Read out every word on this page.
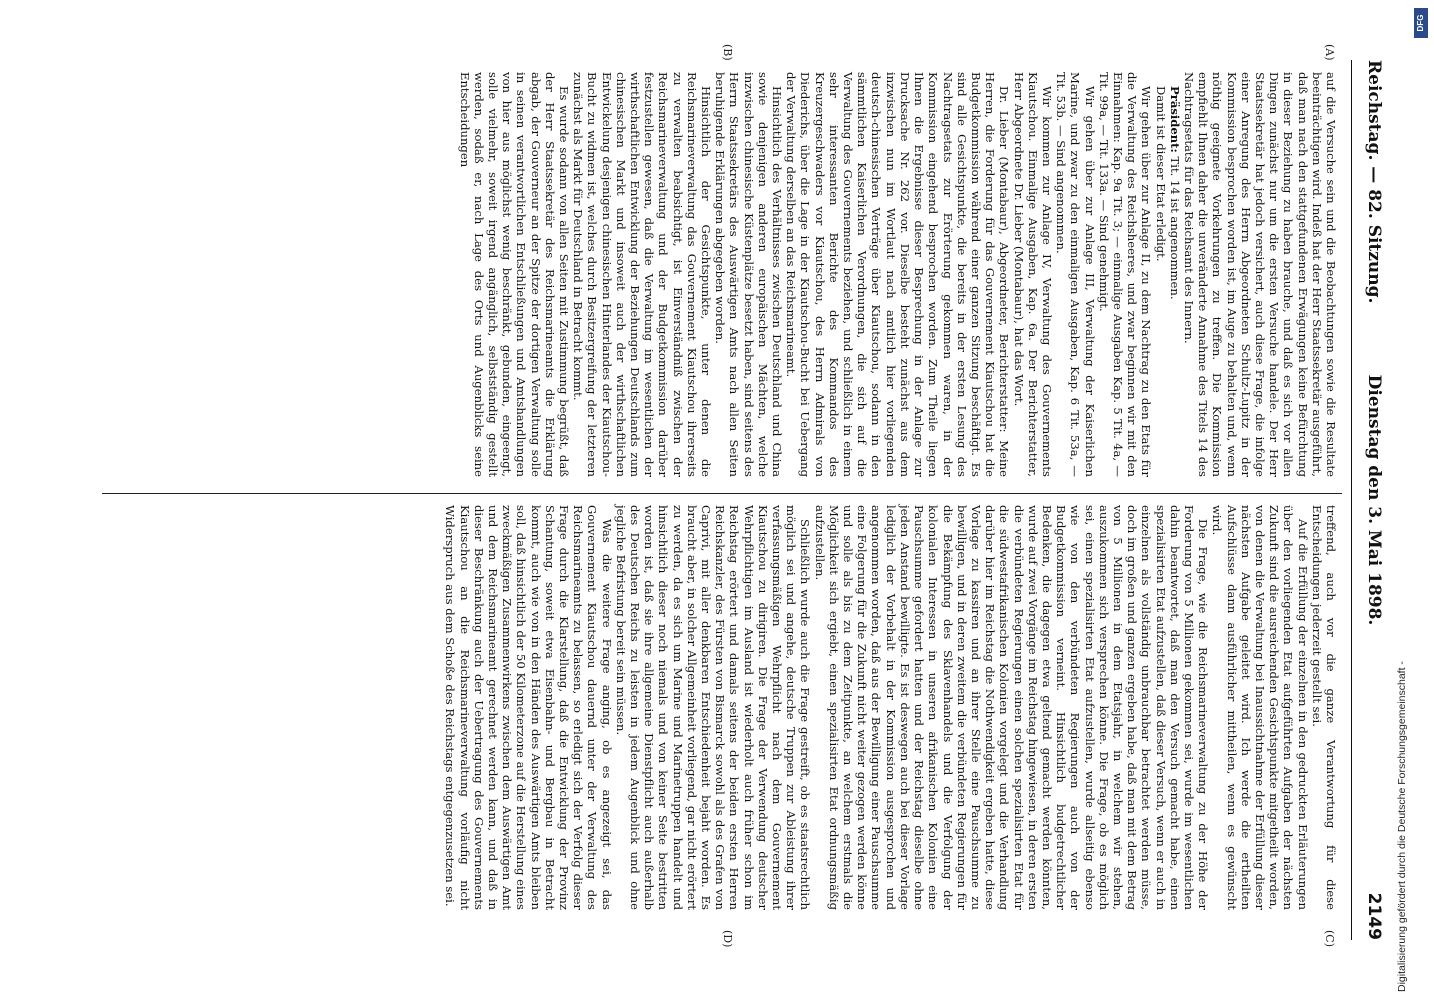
Reichstag. — 82. Sitzung.
Dienstag den 3. Mai 1898.
2149
(A)
(B)
(C)
(D)

auf die Versuche sein und die Beobachtungen sowie die Resultate beeinträchtigen wird. Indeß hat der Herr Staatssekretär ausgeführt, daß man nach den stattgefundenen Erwägungen keine Befürchtung in dieser Beziehung zu haben brauche, und daß es sich vor allen Dingen zunächst nur um die ersten Versuche handele. Der Herr Staatssekretär hat jedoch versichert, auch diese Frage, die infolge einer Anregung des Herrn Abgeordneten Schultz-Lupitz in der Kommission besprochen worden ist, im Auge zu behalten und, wenn nöthig geeignete Vorkehrungen zu treffen. Die Kommission empfiehlt Ihnen daher die unveränderte Annahme des Titels 14 des Nachtragsetats für das Reichsamt des Innern.

Präsident: Tit. 14 ist angenommen.

Damit ist dieser Etat erledigt.

Wir gehen über zur Anlage II, zu dem Nachtrag zu den Etats für die Verwaltung des Reichsheeres, und zwar beginnen wir mit den Einnahmen: Kap. 9a Tit. 3; — einmalige Ausgaben Kap. 5 Tit. 4a, — Tit. 99a, — Tit. 133a. — Sind genehmigt.

Wir gehen über zur Anlage III, Verwaltung der Kaiserlichen Marine, und zwar zu den einmaligen Ausgaben, Kap. 6 Tit. 53a, — Tit. 53b. — Sind angenommen.

Wir kommen zur Anlage IV, Verwaltung des Gouvernements Kiautschou. Einmalige Ausgaben, Kap. 6a. Der Berichterstatter, Herr Abgeordnete Dr. Lieber (Montabaur), hat das Wort.

Dr. Lieber (Montabaur), Abgeordneter, Berichterstatter: Meine Herren, die Forderung für das Gouvernement Kiautschou hat die Budgetkommission während einer ganzen Sitzung beschäftigt. Es sind alle Gesichtspunkte, die bereits in der ersten Lesung des Nachtragsetats zur Erörterung gekommen waren, in der Kommission eingehend besprochen worden. Zum Theile liegen Ihnen die Ergebnisse dieser Besprechung in der Anlage zur Drucksache Nr. 262 vor. Dieselbe besteht zunächst aus dem inzwischen nun im Wortlaut nach amtlich hier vorliegenden deutsch-chinesischen Verträge über Kiautschou, sodann in den sämmtlichen Kaiserlichen Verordnungen, die sich auf die Verwaltung des Gouvernements beziehen, und schließlich in einem sehr interessanten Berichte des Kommandos des Kreuzergeschwaders vor Kiautschou, des Herrn Admirals von Diederichs, über die Lage in der Kiautschou-Bucht bei Uebergang der Verwaltung derselben an das Reichsmarineamt.

Hinsichtlich des Verhältnisses zwischen Deutschland und China sowie denjenigen anderen europäischen Mächten, welche inzwischen chinesische Küstenplätze besetzt haben, sind seitens des Herrn Staatssekretärs des Auswärtigen Amts nach allen Seiten beruhigende Erklärungen abgegeben worden.

Hinsichtlich der Gesichtspunkte, unter denen die Reichsmarineverwaltung das Gouvernement Kiautschou ihrerseits zu verwalten beabsichtigt, ist Einverständniß zwischen der Reichsmarineverwaltung und der Budgetkommission darüber festzustellen gewesen, daß die Verwaltung im wesentlichen der wirthschaftlichen Entwicklung der Beziehungen Deutschlands zum chinesischen Markt und insoweit auch der wirthschaftlichen Entwickelung desjenigen chinesischen Hinterlandes der Kiautschou-Bucht zu widmen ist, welches durch Besitzergreifung der letzteren zunächst als Markt für Deutschland in Betracht kommt.

Es wurde sodann von allen Seiten mit Zustimmung begrüßt, daß der Herr Staatssekretär des Reichsmarineamts die Erklärung abgab, der Gouverneur an der Spitze der dortigen Verwaltung solle in seinen verantwortlichen Entschließungen und Amtshandlungen von hier aus möglichst wenig beschränkt, gebunden, eingeengt, solle vielmehr, soweit irgend angänglich, selbstständig gestellt werden, sodaß er, nach Lage des Orts und Augenblicks seine Entscheidungen

treffend, auch vor die ganze Verantwortung für diese Entscheidungen jederzeit gestellt sei.

Auf die Erfüllung der einzelnen in den gedruckten Erläuterungen über den vorliegenden Etat aufgeführten Aufgaben der nächsten Zukunft sind die ausreichenden Gesichtspunkte mitgetheilt worden, von denen die Verwaltung bei Inaussichtnahme der Erfüllung dieser nächsten Aufgabe geleitet wird. Ich werde die ertheilten Aufschlüsse dann ausführlicher mittheilen, wenn es gewünscht wird.

Die Frage, wie die Reichsmarineverwaltung zu der Höhe der Forderung von 5 Millionen gekommen sei, wurde im wesentlichen dahin beantwortet, daß man den Versuch gemacht habe, einen spezialisirten Etat aufzustellen, daß dieser Versuch, wenn er auch in einzelnen als vollständig unbrauchbar betrachtet werden müsse, doch im großen und ganzen ergeben habe, daß man mit dem Betrag von 5 Millionen in dem Etatsjahr, in welchem wir stehen, auszukommen sich versprechen könne. Die Frage, ob es möglich sei, einen spezialisirten Etat aufzustellen, wurde allseitig ebenso wie von den verbündeten Regierungen auch von der Budgetkommission verneint. Hinsichtlich budgetrechtlicher Bedenken, die dagegen etwa geltend gemacht werden könnten, wurde auf zwei Vorgänge im Reichstag hingewiesen, in deren ersten die verbündeten Regierungen einen solchen spezialisirten Etat für die südwestafrikanischen Kolonien vorgelegt und die Verhandlung darüber hier im Reichstag die Nothwendigkeit ergeben hatte, diese Vorlage zu kassiren und an ihrer Stelle eine Pauschsumme zu bewilligen, und in deren zweitem die verbündeten Regierungen für die Bekämpfung des Sklavenhandels und die Verfolgung der kolonialen Interessen in unseren afrikanischen Kolonien eine Pauschsumme gefordert hatten und der Reichstag dieselbe ohne jeden Anstand bewilligte. Es ist deswegen auch bei dieser Vorlage lediglich der Vorbehalt in der Kommission ausgesprochen und angenommen worden, daß aus der Bewilligung einer Pauschsumme eine Folgerung für die Zukunft nicht weiter gezogen werden könne und solle als bis zu dem Zeitpunkte, an welchem erstmals die Möglichkeit sich ergiebt, einen spezialisirten Etat ordnungsmäßig aufzustellen.

Schließlich wurde auch die Frage gestreift, ob es staatsrechtlich möglich sei und angehe, deutsche Truppen zur Ableistung ihrer verfassungsmäßigen Wehrpflicht nach dem Gouvernement Kiautschou zu dirigiren. Die Frage der Verwendung deutscher Wehrpflichtigen im Ausland ist wiederholt auch früher schon im Reichstag erörtert und damals seitens der beiden ersten Herren Reichskanzler, des Fürsten von Bismarck sowohl als des Grafen von Caprivi, mit aller denkbaren Entschiedenheit bejaht worden. Es braucht aber, in solcher Allgemeinheit vorliegend, gar nicht erörtert zu werden, da es sich um Marine und Marinetruppen handelt und hinsichtlich dieser noch niemals und von keiner Seite bestritten worden ist, daß sie ihre allgemeine Dienstpflicht auch außerhalb des Deutschen Reichs zu leisten in jedem Augenblick und ohne jegliche Befristung bereit sein müssen.

Was die weitere Frage anging, ob es angezeigt sei, das Gouvernement Kiautschou dauernd unter der Verwaltung des Reichsmarineamts zu belassen, so erledigt sich der Verfolg dieser Frage durch die Klarstellung, daß die Entwicklung der Provinz Schantung, soweit etwa Eisenbahn- und Bergbau in Betracht kommt, auch wie von in den Händen des Auswärtigen Amts bleiben soll, daß hinsichtlich der 50 Kilometerzone auf die Herstellung eines zweckmäßigen Zusammenwirkens zwischen dem Auswärtigen Amt und dem Reichsmarineamt gerechnet werden kann, und daß in dieser Beschränkung auch der Uebertragung des Gouvernements Kiautschou an die Reichsmarineverwaltung vorläufig nicht Widerspruch aus dem Schoße des Reichstags entgegenzusetzen sei.	Digitalisierung gefördert durch die Deutsche Forschungsgemeinschaft -
DFG
